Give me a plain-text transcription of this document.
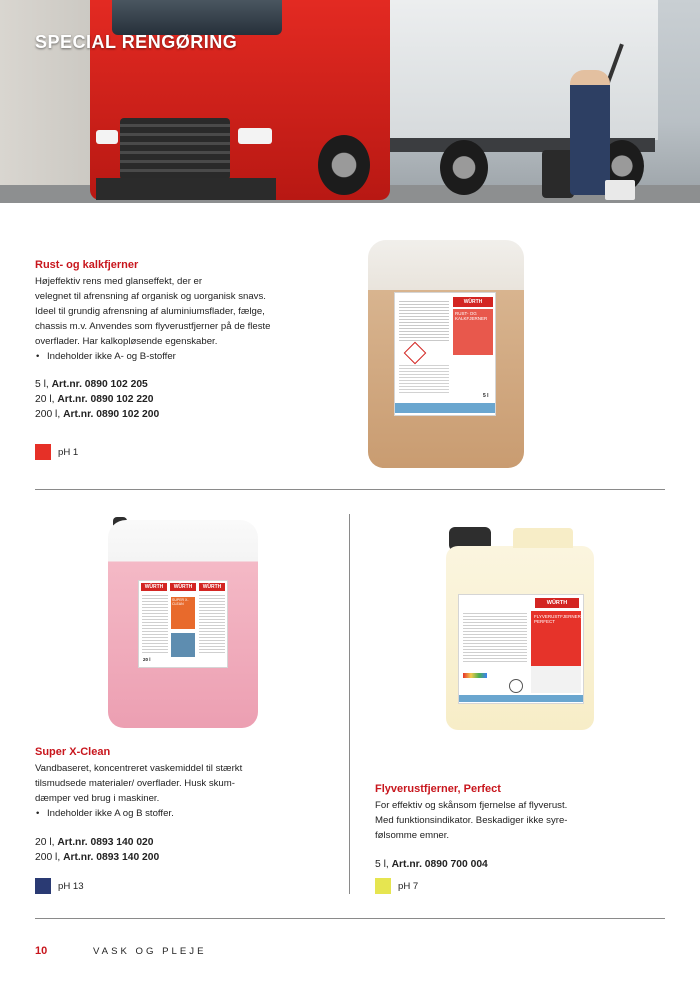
SPECIAL RENGØRING
Rust- og kalkfjerner
Højeffektiv rens med glanseffekt, der er
velegnet til afrensning af organisk og uorganisk snavs.
Ideel til grundig afrensning af aluminiumsflader, fælge,
chassis m.v. Anvendes som flyverustfjerner på de fleste
overflader. Har kalkopløsende egenskaber.
• Indeholder ikke A- og B-stoffer
5 l, Art.nr. 0890 102 205
20 l, Art.nr. 0890 102 220
200 l, Art.nr. 0890 102 200
pH 1
WÜRTH
RUST- OG KALKFJERNER
5 l
WÜRTH	WÜRTH	WÜRTH
SUPER X-CLEAN
20 l
Super X-Clean
Vandbaseret, koncentreret vaskemiddel til stærkt
tilsmudsede materialer/ overflader. Husk skum-
dæmper ved brug i maskiner.
• Indeholder ikke A og B stoffer.
20 l, Art.nr. 0893 140 020
200 l, Art.nr. 0893 140 200
pH 13
WÜRTH
FLYVERUSTFJERNER PERFECT
Flyverustfjerner, Perfect
For effektiv og skånsom fjernelse af flyverust.
Med funktionsindikator. Beskadiger ikke syre-
følsomme emner.
5 l, Art.nr. 0890 700 004
pH 7
10	VASK OG PLEJE
